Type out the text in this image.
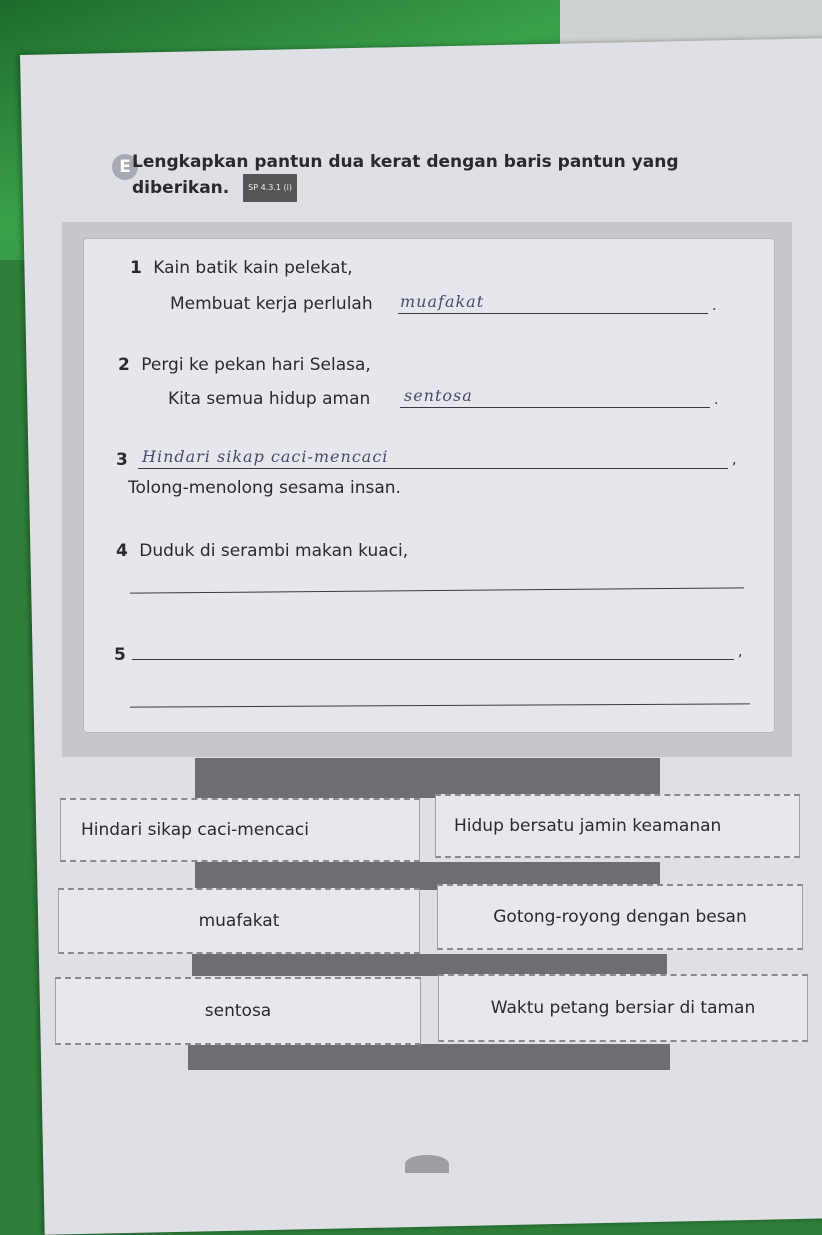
E Lengkapkan pantun dua kerat dengan baris pantun yang diberikan. SP 4.3.1 (i)
1 Kain batik kain pelekat,
Membuat kerja perlulah muafakat	.
2 Pergi ke pekan hari Selasa,
Kita semua hidup aman sentosa	.
3 Hindari sikap caci-mencaci	,
Tolong-menolong sesama insan.
4 Duduk di serambi makan kuaci,
5	,
Hindari sikap caci-mencaci	Hidup bersatu jamin keamanan
muafakat	Gotong-royong dengan besan
sentosa	Waktu petang bersiar di taman
